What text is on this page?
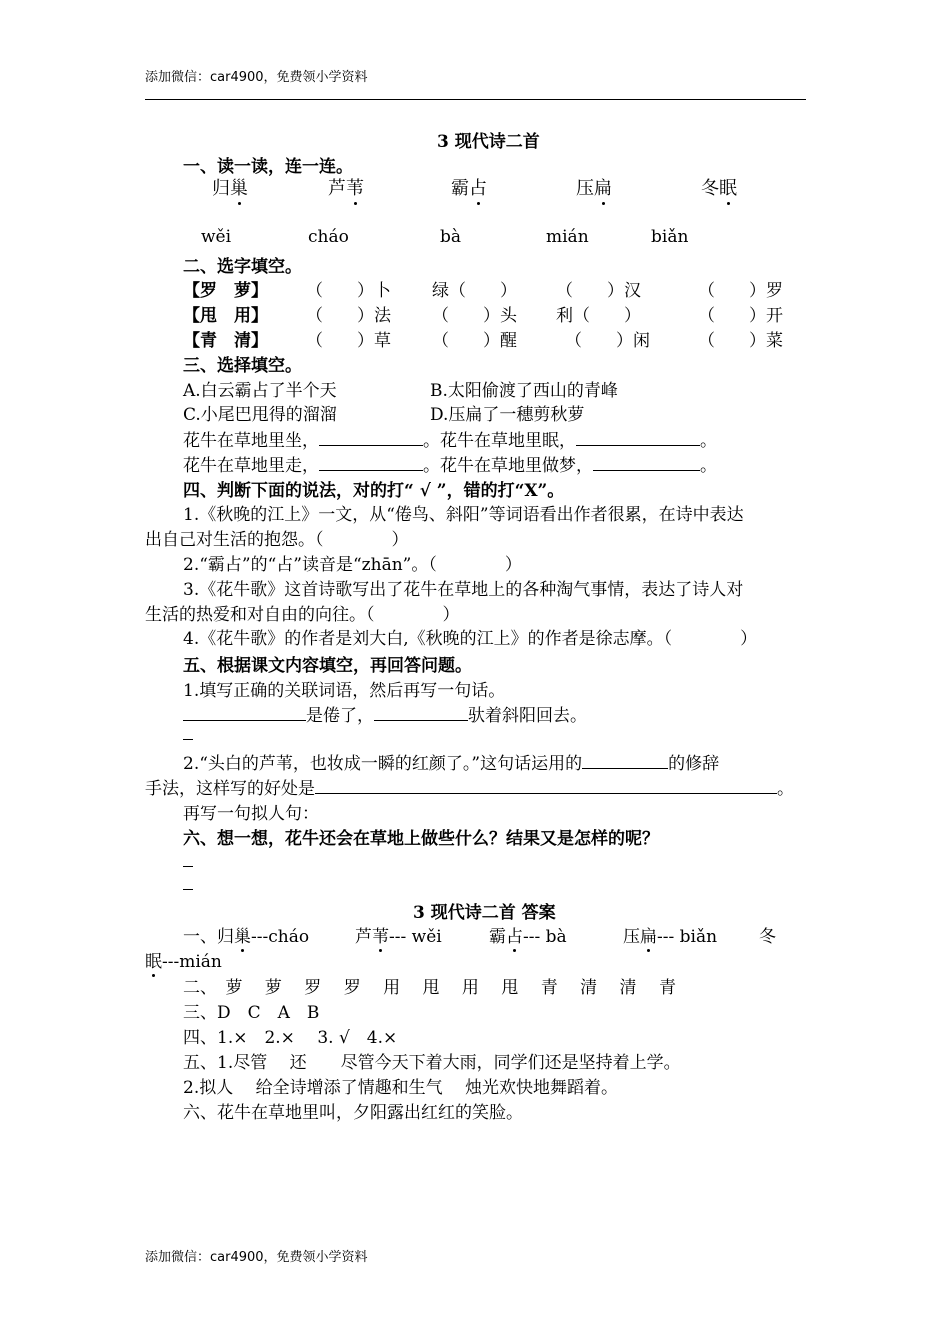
添加微信：car4900，免费领小学资料
3 现代诗二首
一、读一读，连一连。
归巢	芦苇	霸占	压扁	冬眠
wěi	cháo	bà	mián	biǎn
二、选字填空。
【罗　萝】 （　　）卜 绿（　　） （　　）汉	（　　）罗
【甩　用】 （　　）法 （　　）头 利（　　）	（　　）开
【青　清】 （　　）草 （　　）醒	（　　）闲	（　　）菜
三、选择填空。
A.白云霸占了半个天	B.太阳偷渡了西山的青峰
C.小尾巴甩得的溜溜	D.压扁了一穗剪秋萝
花牛在草地里坐，	。花牛在草地里眠，	。
花牛在草地里走，	。花牛在草地里做梦，	。
四、判断下面的说法，对的打“ √ ”，错的打“X”。
1.《秋晚的江上》一文，从“倦鸟、斜阳”等词语看出作者很累，在诗中表达
出自己对生活的抱怨。（　　　　）
2.“霸占”的“占”读音是“zhān”。（　　　　）
3.《花牛歌》这首诗歌写出了花牛在草地上的各种淘气事情，表达了诗人对
生活的热爱和对自由的向往。（　　　　）
4.《花牛歌》的作者是刘大白,《秋晚的江上》的作者是徐志摩。（　　　　）
五、根据课文内容填空，再回答问题。
1.填写正确的关联词语，然后再写一句话。
是倦了，	驮着斜阳回去。
2.“头白的芦苇，也妆成一瞬的红颜了。”这句话运用的	的修辞
手法，这样写的好处是	。
再写一句拟人句：
六、想一想，花牛还会在草地上做些什么？结果又是怎样的呢？
3 现代诗二首 答案
一、归巢---cháo	芦苇--- wěi	霸占--- bà	压扁--- biǎn 冬
眠---mián
二、　萝　 萝　 罗　 罗　 用　 甩　 用　 甩　 青　 清　 清　 青
三、D　C　A　B
四、1.×　2.×　 3. √　4.×
五、1.尽管　 还　　尽管今天下着大雨，同学们还是坚持着上学。
2.拟人　 给全诗增添了情趣和生气　 烛光欢快地舞蹈着。
六、花牛在草地里叫，夕阳露出红红的笑脸。
添加微信：car4900，免费领小学资料
